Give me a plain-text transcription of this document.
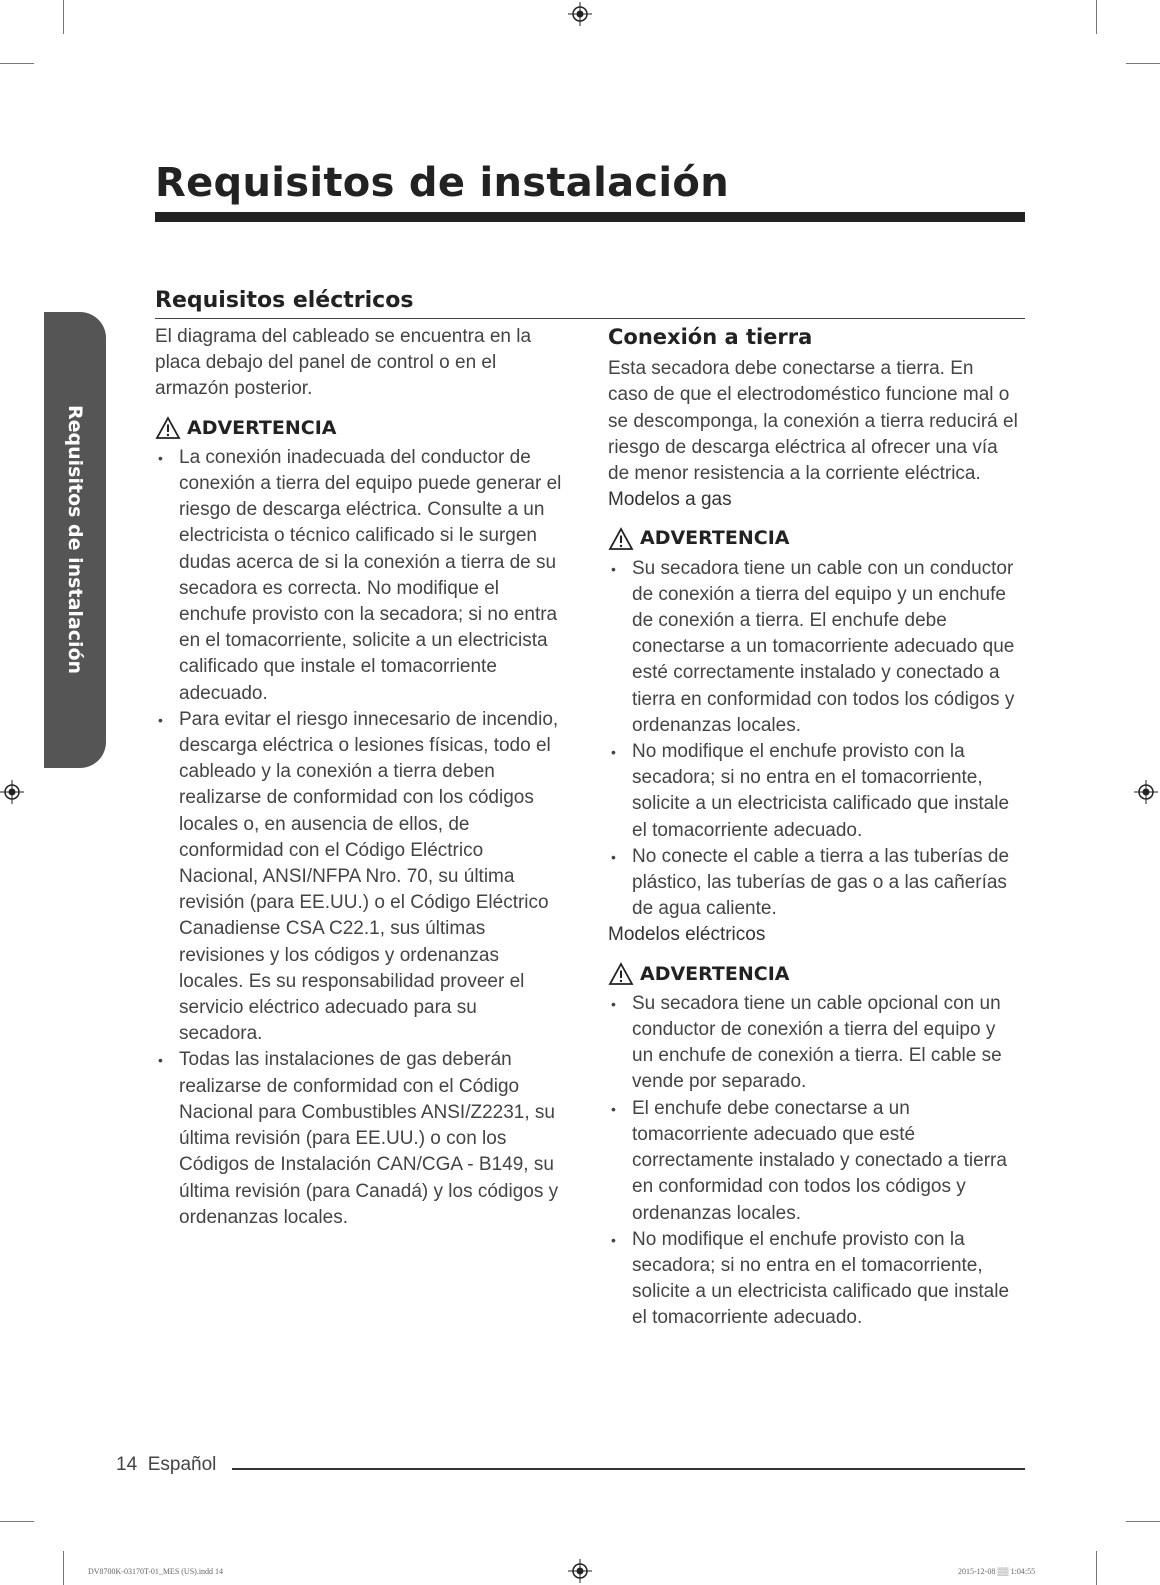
Requisitos de instalación
Requisitos de instalación
Requisitos eléctricos

El diagrama del cableado se encuentra en la placa debajo del panel de control o en el armazón posterior.

ADVERTENCIA
• La conexión inadecuada del conductor de conexión a tierra del equipo puede generar el riesgo de descarga eléctrica. Consulte a un electricista o técnico calificado si le surgen dudas acerca de si la conexión a tierra de su secadora es correcta. No modifique el enchufe provisto con la secadora; si no entra en el tomacorriente, solicite a un electricista calificado que instale el tomacorriente adecuado.
• Para evitar el riesgo innecesario de incendio, descarga eléctrica o lesiones físicas, todo el cableado y la conexión a tierra deben realizarse de conformidad con los códigos locales o, en ausencia de ellos, de conformidad con el Código Eléctrico Nacional, ANSI/NFPA Nro. 70, su última revisión (para EE.UU.) o el Código Eléctrico Canadiense CSA C22.1, sus últimas revisiones y los códigos y ordenanzas locales. Es su responsabilidad proveer el servicio eléctrico adecuado para su secadora.
• Todas las instalaciones de gas deberán realizarse de conformidad con el Código Nacional para Combustibles ANSI/Z2231, su última revisión (para EE.UU.) o con los Códigos de Instalación CAN/CGA - B149, su última revisión (para Canadá) y los códigos y ordenanzas locales.
Conexión a tierra

Esta secadora debe conectarse a tierra. En caso de que el electrodoméstico funcione mal o se descomponga, la conexión a tierra reducirá el riesgo de descarga eléctrica al ofrecer una vía de menor resistencia a la corriente eléctrica.

Modelos a gas

ADVERTENCIA
• Su secadora tiene un cable con un conductor de conexión a tierra del equipo y un enchufe de conexión a tierra. El enchufe debe conectarse a un tomacorriente adecuado que esté correctamente instalado y conectado a tierra en conformidad con todos los códigos y ordenanzas locales.
• No modifique el enchufe provisto con la secadora; si no entra en el tomacorriente, solicite a un electricista calificado que instale el tomacorriente adecuado.
• No conecte el cable a tierra a las tuberías de plástico, las tuberías de gas o a las cañerías de agua caliente.

Modelos eléctricos

ADVERTENCIA
• Su secadora tiene un cable opcional con un conductor de conexión a tierra del equipo y un enchufe de conexión a tierra. El cable se vende por separado.
• El enchufe debe conectarse a un tomacorriente adecuado que esté correctamente instalado y conectado a tierra en conformidad con todos los códigos y ordenanzas locales.
• No modifique el enchufe provisto con la secadora; si no entra en el tomacorriente, solicite a un electricista calificado que instale el tomacorriente adecuado.
14 Español
DV8700K-03170T-01_MES (US).indd 14	2015-12-08 ▒▒ 1:04:55
